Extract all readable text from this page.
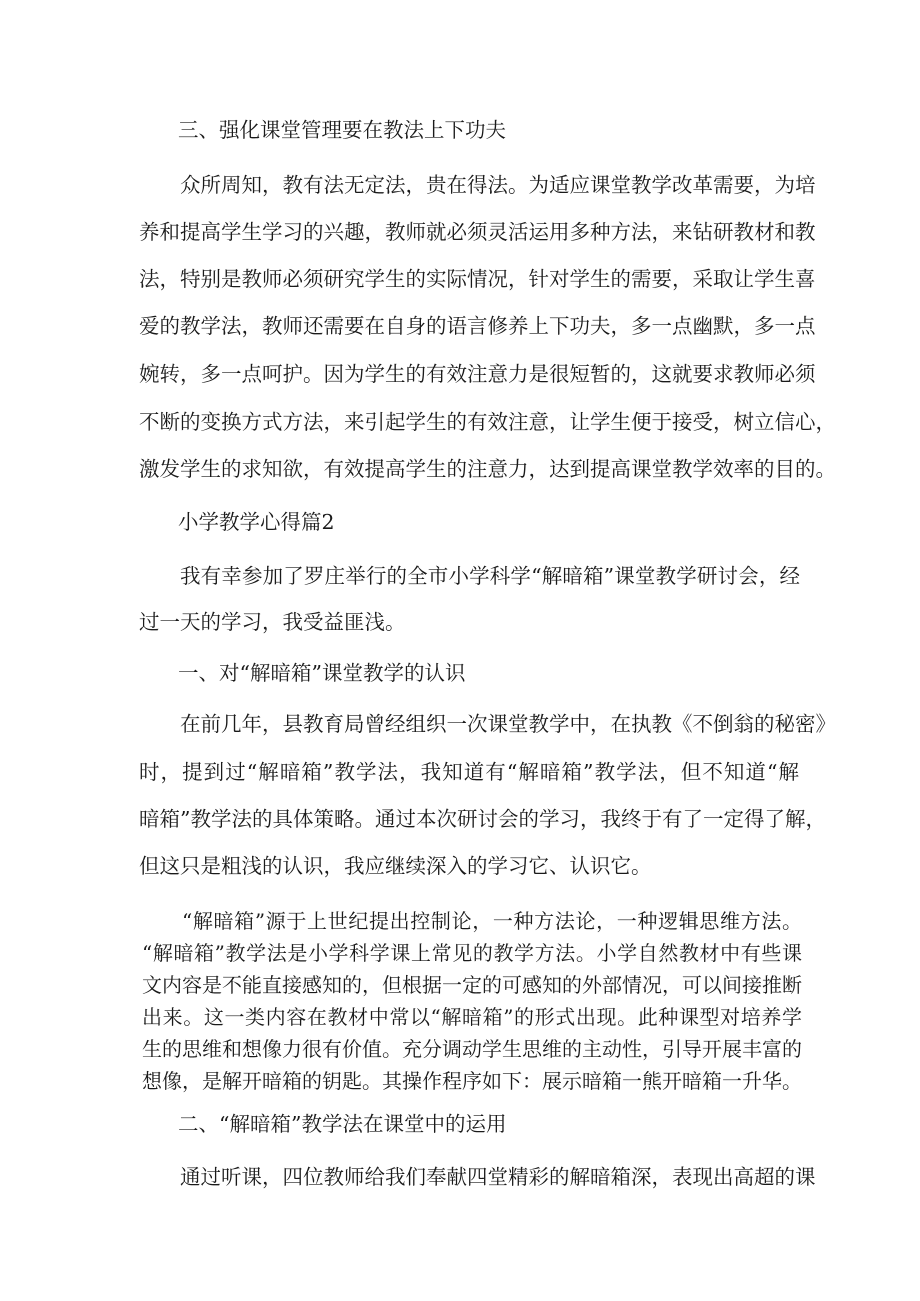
三、强化课堂管理要在教法上下功夫
众所周知，教有法无定法，贵在得法。为适应课堂教学改革需要，为培
养和提高学生学习的兴趣，教师就必须灵活运用多种方法，来钻研教材和教
法，特别是教师必须研究学生的实际情况，针对学生的需要，采取让学生喜
爱的教学法，教师还需要在自身的语言修养上下功夫，多一点幽默，多一点
婉转，多一点呵护。因为学生的有效注意力是很短暂的，这就要求教师必须
不断的变换方式方法，来引起学生的有效注意，让学生便于接受，树立信心，
激发学生的求知欲，有效提高学生的注意力，达到提高课堂教学效率的目的。
小学教学心得篇2
我有幸参加了罗庄举行的全市小学科学“解暗箱”课堂教学研讨会，经
过一天的学习，我受益匪浅。
一、对“解暗箱”课堂教学的认识
在前几年，县教育局曾经组织一次课堂教学中，在执教《不倒翁的秘密》
时，提到过“解暗箱”教学法，我知道有“解暗箱”教学法，但不知道“解
暗箱”教学法的具体策略。通过本次研讨会的学习，我终于有了一定得了解，
但这只是粗浅的认识，我应继续深入的学习它、认识它。
“解暗箱”源于上世纪提出控制论，一种方法论，一种逻辑思维方法。
“解暗箱”教学法是小学科学课上常见的教学方法。小学自然教材中有些课
文内容是不能直接感知的，但根据一定的可感知的外部情况，可以间接推断
出来。这一类内容在教材中常以“解暗箱”的形式出现。此种课型对培养学
生的思维和想像力很有价值。充分调动学生思维的主动性，引导开展丰富的
想像，是解开暗箱的钥匙。其操作程序如下：展示暗箱一熊开暗箱一升华。
二、“解暗箱”教学法在课堂中的运用
通过听课，四位教师给我们奉献四堂精彩的解暗箱深，表现出高超的课
